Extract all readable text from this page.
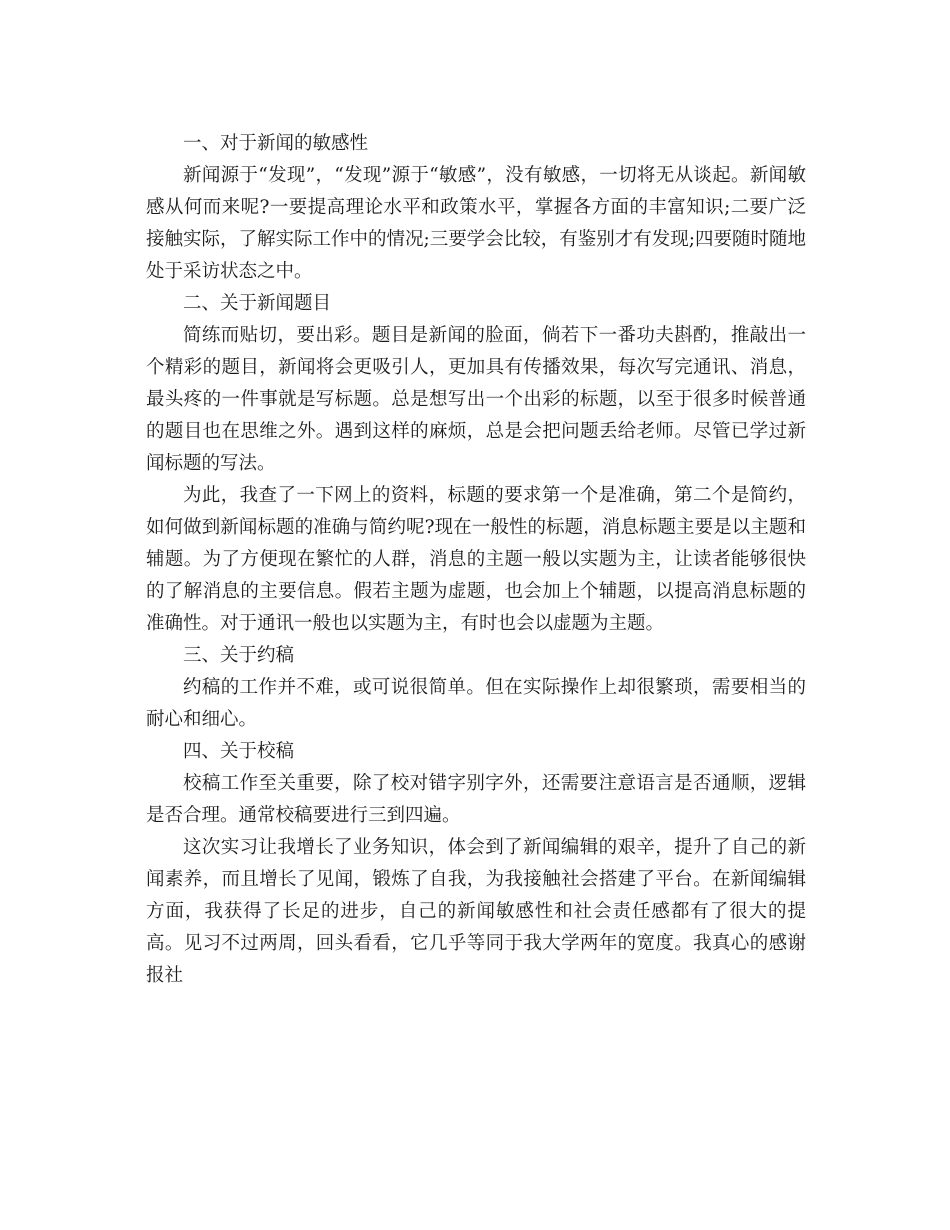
一、对于新闻的敏感性

新闻源于“发现”，“发现”源于“敏感”，没有敏感，一切将无从谈起。新闻敏感从何而来呢?一要提高理论水平和政策水平，掌握各方面的丰富知识;二要广泛接触实际，了解实际工作中的情况;三要学会比较，有鉴别才有发现;四要随时随地处于采访状态之中。

二、关于新闻题目

简练而贴切，要出彩。题目是新闻的脸面，倘若下一番功夫斟酌，推敲出一个精彩的题目，新闻将会更吸引人，更加具有传播效果，每次写完通讯、消息，最头疼的一件事就是写标题。总是想写出一个出彩的标题，以至于很多时候普通的题目也在思维之外。遇到这样的麻烦，总是会把问题丢给老师。尽管已学过新闻标题的写法。

为此，我查了一下网上的资料，标题的要求第一个是准确，第二个是简约，如何做到新闻标题的准确与简约呢?现在一般性的标题，消息标题主要是以主题和辅题。为了方便现在繁忙的人群，消息的主题一般以实题为主，让读者能够很快的了解消息的主要信息。假若主题为虚题，也会加上个辅题，以提高消息标题的准确性。对于通讯一般也以实题为主，有时也会以虚题为主题。

三、关于约稿

约稿的工作并不难，或可说很简单。但在实际操作上却很繁琐，需要相当的耐心和细心。

四、关于校稿

校稿工作至关重要，除了校对错字别字外，还需要注意语言是否通顺，逻辑是否合理。通常校稿要进行三到四遍。

这次实习让我增长了业务知识，体会到了新闻编辑的艰辛，提升了自己的新闻素养，而且增长了见闻，锻炼了自我，为我接触社会搭建了平台。在新闻编辑方面，我获得了长足的进步，自己的新闻敏感性和社会责任感都有了很大的提高。见习不过两周，回头看看，它几乎等同于我大学两年的宽度。我真心的感谢报社
